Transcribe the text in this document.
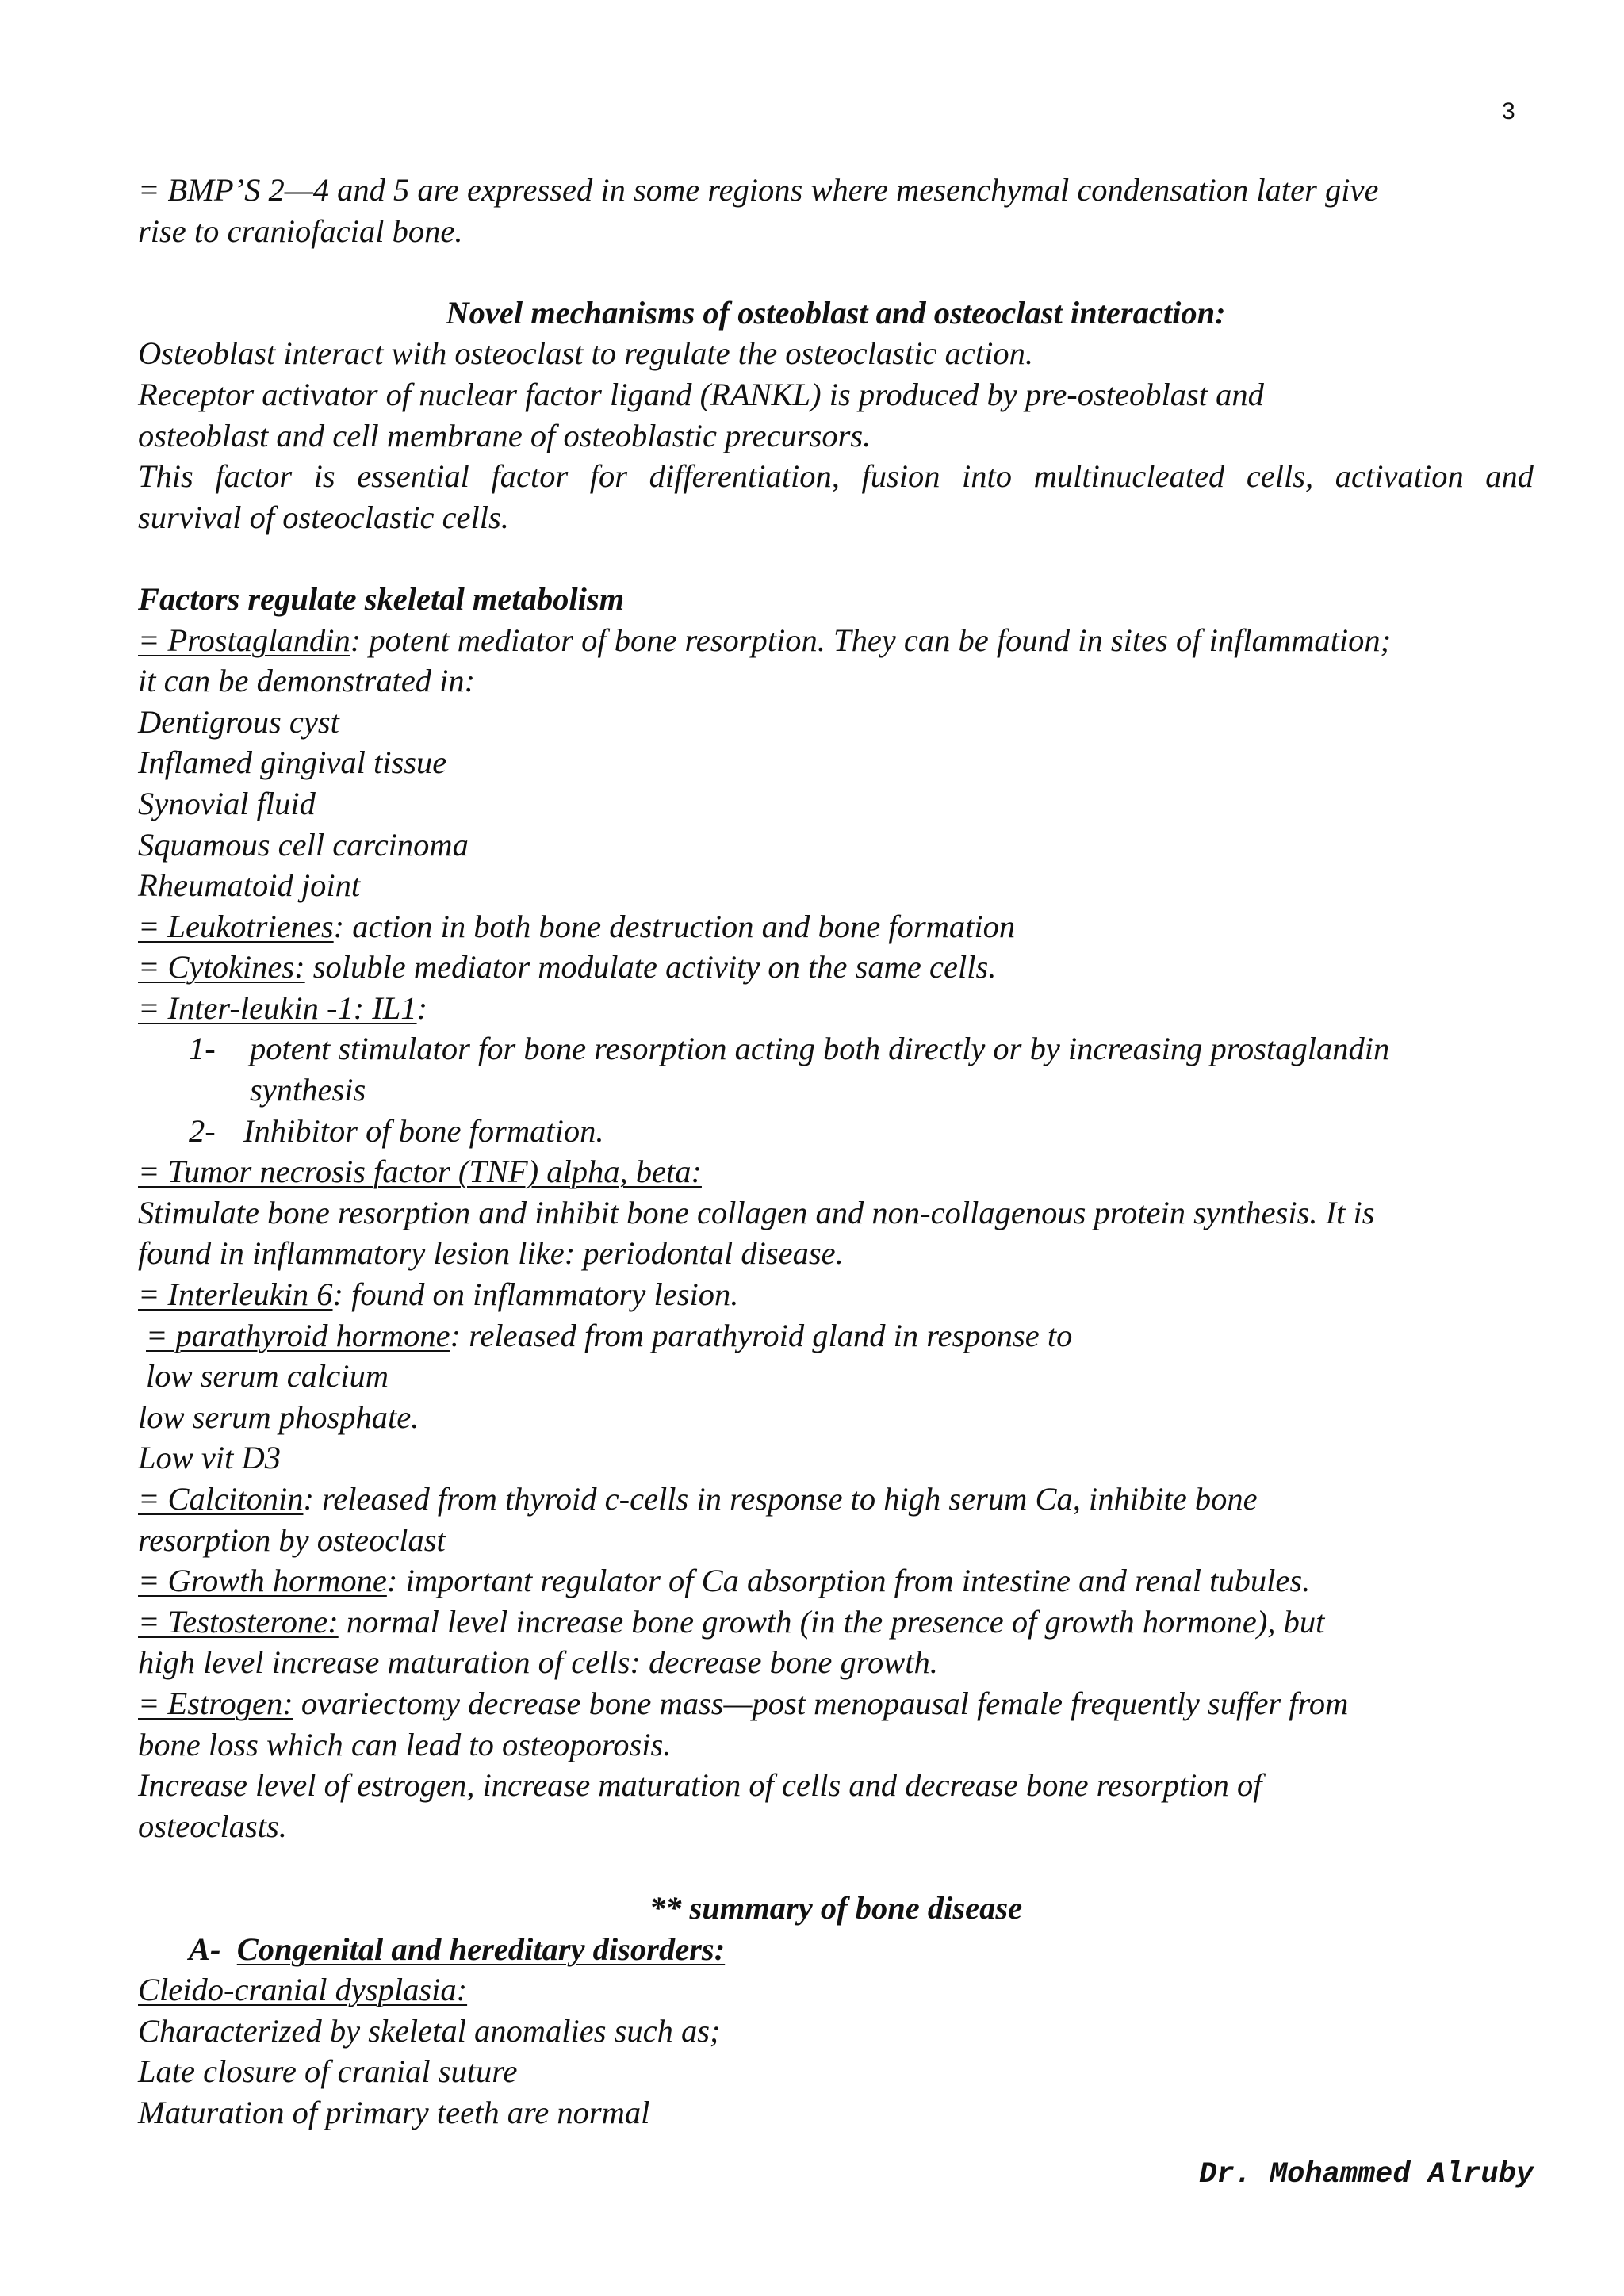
3

= BMP’S 2—4 and 5 are expressed in some regions where mesenchymal condensation later give

rise to craniofacial bone.

Novel mechanisms of osteoblast and osteoclast interaction:

Osteoblast interact with osteoclast to regulate the osteoclastic action.

Receptor activator of nuclear factor ligand (RANKL) is produced by pre-osteoblast and

osteoblast and cell membrane of osteoblastic precursors.

This factor is essential factor for differentiation, fusion into multinucleated cells, activation and

survival of osteoclastic cells.

Factors regulate skeletal metabolism

= Prostaglandin: potent mediator of bone resorption. They can be found in sites of inflammation;

it can be demonstrated in:

Dentigrous cyst

Inflamed gingival tissue

Synovial fluid

Squamous cell carcinoma

Rheumatoid joint

= Leukotrienes: action in both bone destruction and bone formation

= Cytokines: soluble mediator modulate activity on the same cells.

= Inter-leukin -1: IL1:

1-	potent stimulator for bone resorption acting both directly or by increasing prostaglandin
synthesis
2- Inhibitor of bone formation.

= Tumor necrosis factor (TNF) alpha, beta:

Stimulate bone resorption and inhibit bone collagen and non-collagenous protein synthesis. It is

found in inflammatory lesion like: periodontal disease.

= Interleukin 6: found on inflammatory lesion.

= parathyroid hormone: released from parathyroid gland in response to

low serum calcium

low serum phosphate.

Low vit D3

= Calcitonin: released from thyroid c-cells in response to high serum Ca, inhibite bone

resorption by osteoclast

= Growth hormone: important regulator of Ca absorption from intestine and renal tubules.

= Testosterone: normal level increase bone growth (in the presence of growth hormone), but

high level increase maturation of cells: decrease bone growth.

= Estrogen: ovariectomy decrease bone mass—post menopausal female frequently suffer from

bone loss which can lead to osteoporosis.

Increase level of estrogen, increase maturation of cells and decrease bone resorption of

osteoclasts.

** summary of bone disease

A- Congenital and hereditary disorders:

Cleido-cranial dysplasia:

Characterized by skeletal anomalies such as;

Late closure of cranial suture

Maturation of primary teeth are normal

Dr. Mohammed Alruby
